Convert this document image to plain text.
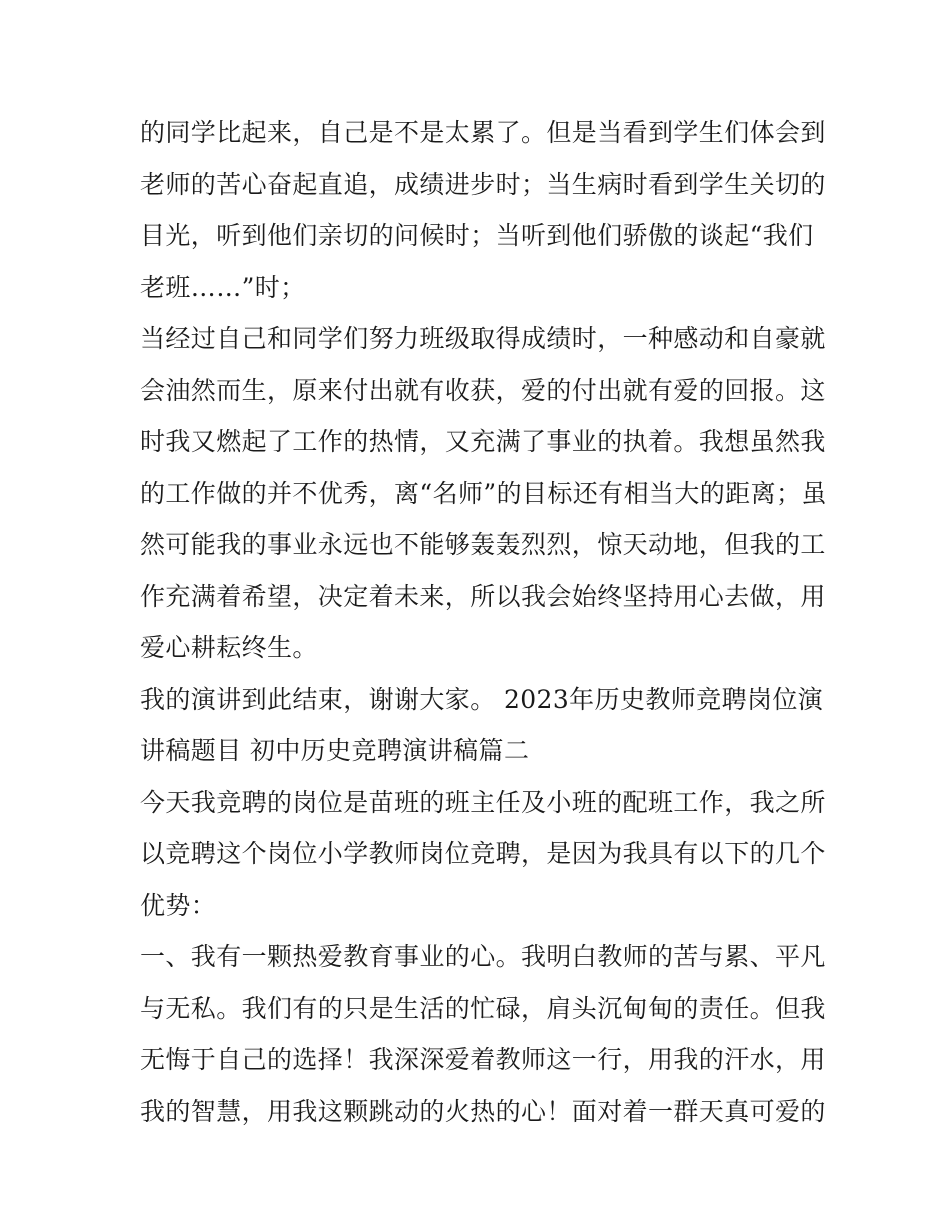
的同学比起来，自己是不是太累了。但是当看到学生们体会到
老师的苦心奋起直追，成绩进步时；当生病时看到学生关切的
目光，听到他们亲切的问候时；当听到他们骄傲的谈起“我们
老班……”时；
当经过自己和同学们努力班级取得成绩时，一种感动和自豪就
会油然而生，原来付出就有收获，爱的付出就有爱的回报。这
时我又燃起了工作的热情，又充满了事业的执着。我想虽然我
的工作做的并不优秀，离“名师”的目标还有相当大的距离；虽
然可能我的事业永远也不能够轰轰烈烈，惊天动地，但我的工
作充满着希望，决定着未来，所以我会始终坚持用心去做，用
爱心耕耘终生。
我的演讲到此结束，谢谢大家。 2023年历史教师竞聘岗位演
讲稿题目 初中历史竞聘演讲稿篇二
今天我竞聘的岗位是苗班的班主任及小班的配班工作，我之所
以竞聘这个岗位小学教师岗位竞聘，是因为我具有以下的几个
优势：
一、我有一颗热爱教育事业的心。我明白教师的苦与累、平凡
与无私。我们有的只是生活的忙碌，肩头沉甸甸的责任。但我
无悔于自己的选择！我深深爱着教师这一行，用我的汗水，用
我的智慧，用我这颗跳动的火热的心！面对着一群天真可爱的
